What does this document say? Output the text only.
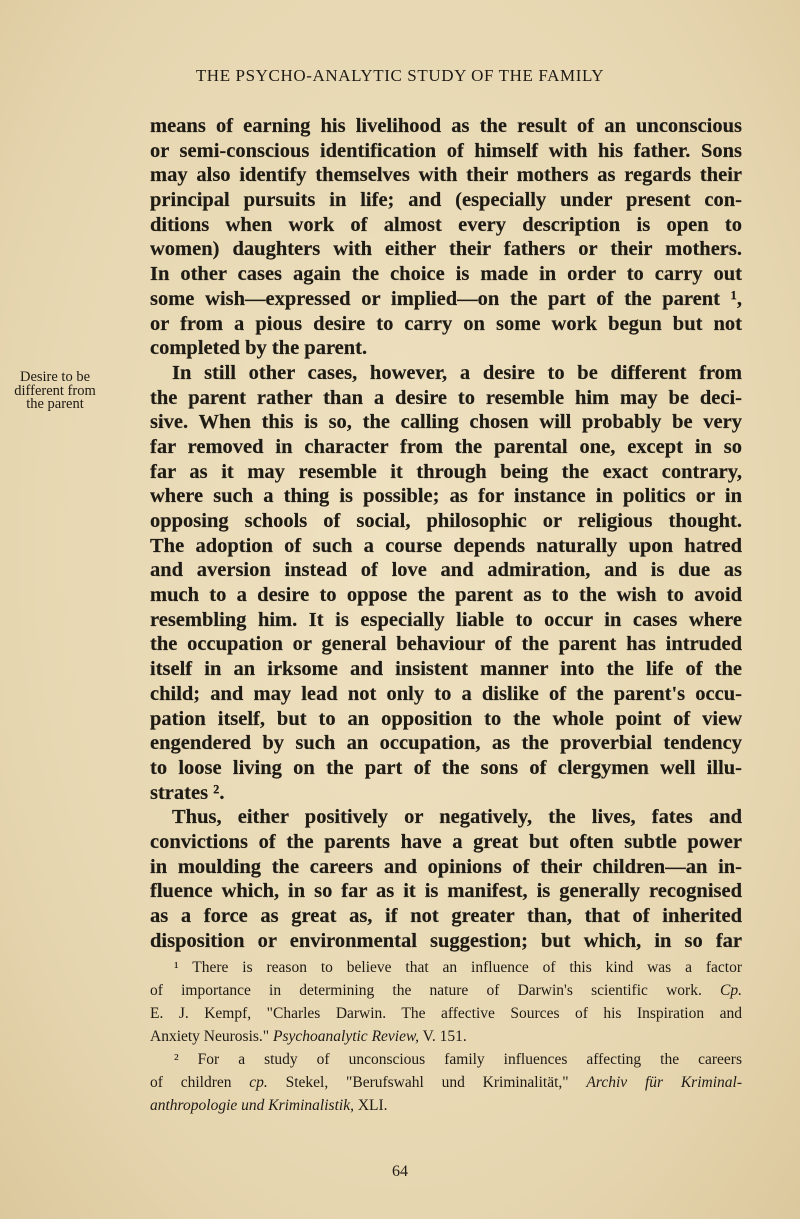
THE PSYCHO-ANALYTIC STUDY OF THE FAMILY
Desire to be
different from
the parent
means of earning his livelihood as the result of an unconscious
or semi-conscious identification of himself with his father. Sons
may also identify themselves with their mothers as regards their
principal pursuits in life; and (especially under present con-
ditions when work of almost every description is open to
women) daughters with either their fathers or their mothers.
In other cases again the choice is made in order to carry out
some wish—expressed or implied—on the part of the parent ¹,
or from a pious desire to carry on some work begun but not
completed by the parent.
In still other cases, however, a desire to be different from
the parent rather than a desire to resemble him may be deci-
sive. When this is so, the calling chosen will probably be very
far removed in character from the parental one, except in so
far as it may resemble it through being the exact contrary,
where such a thing is possible; as for instance in politics or in
opposing schools of social, philosophic or religious thought.
The adoption of such a course depends naturally upon hatred
and aversion instead of love and admiration, and is due as
much to a desire to oppose the parent as to the wish to avoid
resembling him. It is especially liable to occur in cases where
the occupation or general behaviour of the parent has intruded
itself in an irksome and insistent manner into the life of the
child; and may lead not only to a dislike of the parent's occu-
pation itself, but to an opposition to the whole point of view
engendered by such an occupation, as the proverbial tendency
to loose living on the part of the sons of clergymen well illu-
strates ².
Thus, either positively or negatively, the lives, fates and
convictions of the parents have a great but often subtle power
in moulding the careers and opinions of their children—an in-
fluence which, in so far as it is manifest, is generally recognised
as a force as great as, if not greater than, that of inherited
disposition or environmental suggestion; but which, in so far
¹ There is reason to believe that an influence of this kind was a factor
of importance in determining the nature of Darwin's scientific work. Cp.
E. J. Kempf, "Charles Darwin. The affective Sources of his Inspiration and
Anxiety Neurosis." Psychoanalytic Review, V. 151.
² For a study of unconscious family influences affecting the careers
of children cp. Stekel, "Berufswahl und Kriminalität," Archiv für Kriminal-
anthropologie und Kriminalistik, XLI.
64
